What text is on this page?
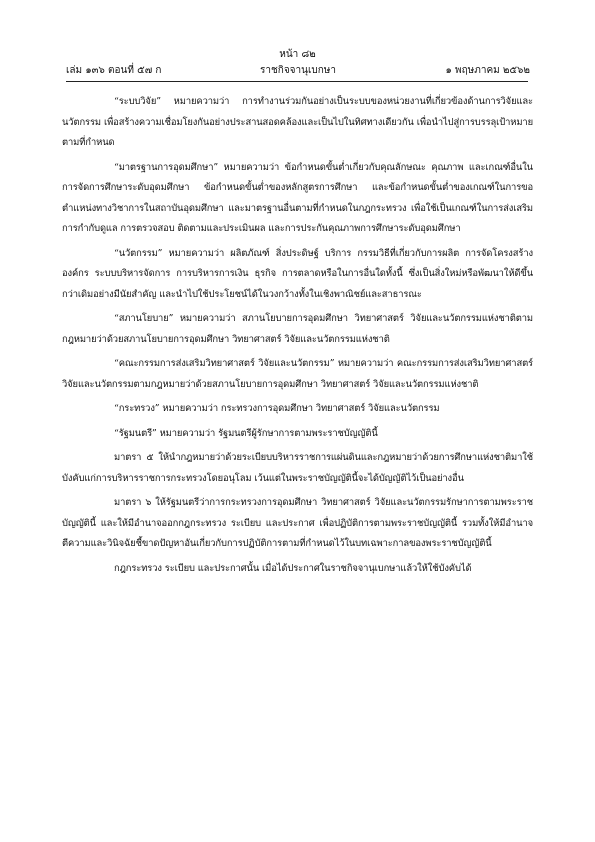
หน้า ๘๒
เล่ม ๑๓๖ ตอนที่ ๕๗ ก	ราชกิจจานุเบกษา	๑ พฤษภาคม ๒๕๖๒

“ระบบวิจัย” หมายความว่า การทำงานร่วมกันอย่างเป็นระบบของหน่วยงานที่เกี่ยวข้องด้านการวิจัยและนวัตกรรม เพื่อสร้างความเชื่อมโยงกันอย่างประสานสอดคล้องและเป็นไปในทิศทางเดียวกัน เพื่อนำไปสู่การบรรลุเป้าหมายตามที่กำหนด

“มาตรฐานการอุดมศึกษา” หมายความว่า ข้อกำหนดขั้นต่ำเกี่ยวกับคุณลักษณะ คุณภาพ และเกณฑ์อื่นในการจัดการศึกษาระดับอุดมศึกษา ข้อกำหนดขั้นต่ำของหลักสูตรการศึกษา และข้อกำหนดขั้นต่ำของเกณฑ์ในการขอตำแหน่งทางวิชาการในสถาบันอุดมศึกษา และมาตรฐานอื่นตามที่กำหนดในกฎกระทรวง เพื่อใช้เป็นเกณฑ์ในการส่งเสริม การกำกับดูแล การตรวจสอบ ติดตามและประเมินผล และการประกันคุณภาพการศึกษาระดับอุดมศึกษา

“นวัตกรรม” หมายความว่า ผลิตภัณฑ์ สิ่งประดิษฐ์ บริการ กรรมวิธีที่เกี่ยวกับการผลิต การจัดโครงสร้างองค์กร ระบบบริหารจัดการ การบริหารการเงิน ธุรกิจ การตลาดหรือในการอื่นใดทั้งนี้ ซึ่งเป็นสิ่งใหม่หรือพัฒนาให้ดีขึ้นกว่าเดิมอย่างมีนัยสำคัญ และนำไปใช้ประโยชน์ได้ในวงกว้างทั้งในเชิงพาณิชย์และสาธารณะ

“สภานโยบาย” หมายความว่า สภานโยบายการอุดมศึกษา วิทยาศาสตร์ วิจัยและนวัตกรรมแห่งชาติตามกฎหมายว่าด้วยสภานโยบายการอุดมศึกษา วิทยาศาสตร์ วิจัยและนวัตกรรมแห่งชาติ

“คณะกรรมการส่งเสริมวิทยาศาสตร์ วิจัยและนวัตกรรม” หมายความว่า คณะกรรมการส่งเสริมวิทยาศาสตร์ วิจัยและนวัตกรรมตามกฎหมายว่าด้วยสภานโยบายการอุดมศึกษา วิทยาศาสตร์ วิจัยและนวัตกรรมแห่งชาติ

“กระทรวง” หมายความว่า กระทรวงการอุดมศึกษา วิทยาศาสตร์ วิจัยและนวัตกรรม

“รัฐมนตรี” หมายความว่า รัฐมนตรีผู้รักษาการตามพระราชบัญญัตินี้

มาตรา ๕ ให้นำกฎหมายว่าด้วยระเบียบบริหารราชการแผ่นดินและกฎหมายว่าด้วยการศึกษาแห่งชาติมาใช้บังคับแก่การบริหารราชการกระทรวงโดยอนุโลม เว้นแต่ในพระราชบัญญัตินี้จะได้บัญญัติไว้เป็นอย่างอื่น

มาตรา ๖ ให้รัฐมนตรีว่าการกระทรวงการอุดมศึกษา วิทยาศาสตร์ วิจัยและนวัตกรรมรักษาการตามพระราชบัญญัตินี้ และให้มีอำนาจออกกฎกระทรวง ระเบียบ และประกาศ เพื่อปฏิบัติการตามพระราชบัญญัตินี้ รวมทั้งให้มีอำนาจตีความและวินิจฉัยชี้ขาดปัญหาอันเกี่ยวกับการปฏิบัติการตามที่กำหนดไว้ในบทเฉพาะกาลของพระราชบัญญัตินี้

กฎกระทรวง ระเบียบ และประกาศนั้น เมื่อได้ประกาศในราชกิจจานุเบกษาแล้วให้ใช้บังคับได้
